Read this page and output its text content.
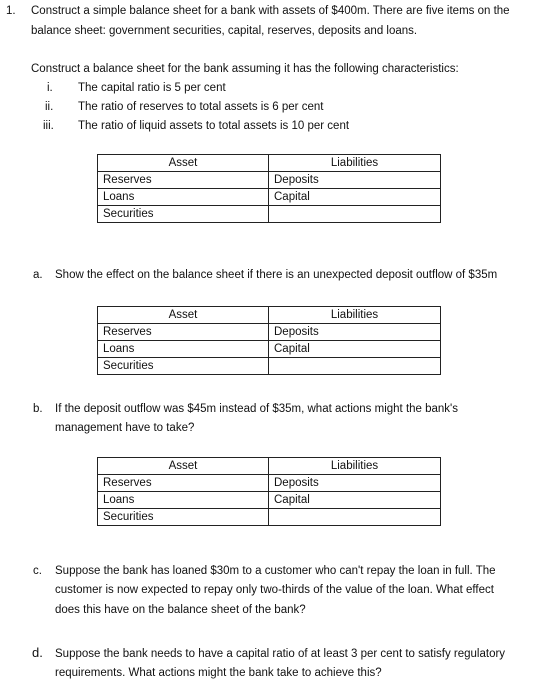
1. Construct a simple balance sheet for a bank with assets of $400m. There are five items on the
balance sheet: government securities, capital, reserves, deposits and loans.
Construct a balance sheet for the bank assuming it has the following characteristics:
i. The capital ratio is 5 per cent
ii. The ratio of reserves to total assets is 6 per cent
iii. The ratio of liquid assets to total assets is 10 per cent
Asset	Liabilities
Reserves	Deposits
Loans	Capital
Securities	
a. Show the effect on the balance sheet if there is an unexpected deposit outflow of $35m
Asset	Liabilities
Reserves	Deposits
Loans	Capital
Securities	
b. If the deposit outflow was $45m instead of $35m, what actions might the bank's
management have to take?
Asset	Liabilities
Reserves	Deposits
Loans	Capital
Securities	
c. Suppose the bank has loaned $30m to a customer who can't repay the loan in full. The
customer is now expected to repay only two-thirds of the value of the loan. What effect
does this have on the balance sheet of the bank?
d. Suppose the bank needs to have a capital ratio of at least 3 per cent to satisfy regulatory
requirements. What actions might the bank take to achieve this?
